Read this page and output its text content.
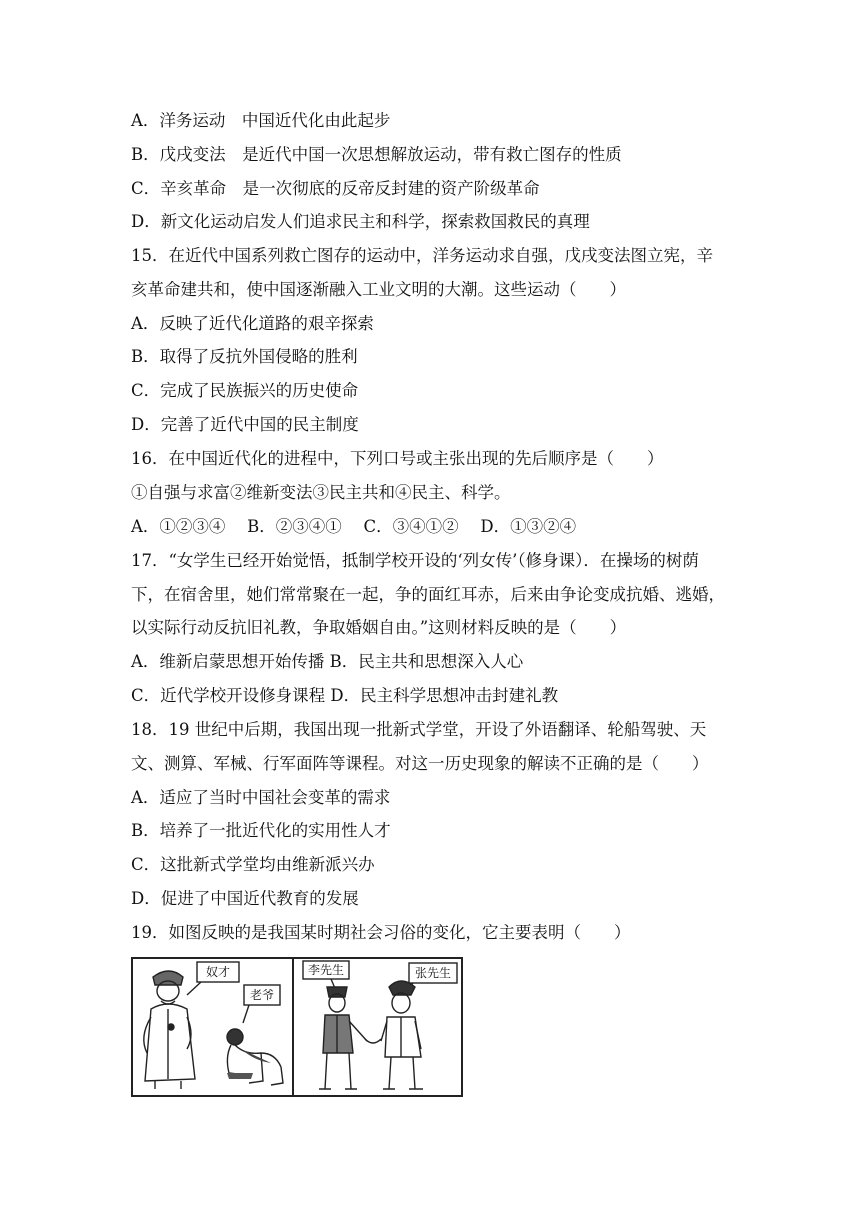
A．洋务运动　中国近代化由此起步
B．戊戌变法　是近代中国一次思想解放运动，带有救亡图存的性质
C．辛亥革命　是一次彻底的反帝反封建的资产阶级革命
D．新文化运动启发人们追求民主和科学，探索救国救民的真理
15．在近代中国系列救亡图存的运动中，洋务运动求自强，戊戌变法图立宪，辛
亥革命建共和，使中国逐渐融入工业文明的大潮。这些运动（　　）
A．反映了近代化道路的艰辛探索
B．取得了反抗外国侵略的胜利
C．完成了民族振兴的历史使命
D．完善了近代中国的民主制度
16．在中国近代化的进程中，下列口号或主张出现的先后顺序是（　　）
①自强与求富②维新变法③民主共和④民主、科学。
A．①②③④　 B．②③④①　 C．③④①②　 D．①③②④
17．“女学生已经开始觉悟，抵制学校开设的‘列女传’（修身课）．在操场的树荫
下，在宿舍里，她们常常聚在一起，争的面红耳赤，后来由争论变成抗婚、逃婚，
以实际行动反抗旧礼教，争取婚姻自由。”这则材料反映的是（　　）
A．维新启蒙思想开始传播 B．民主共和思想深入人心
C．近代学校开设修身课程 D．民主科学思想冲击封建礼教
18．19 世纪中后期，我国出现一批新式学堂，开设了外语翻译、轮船驾驶、天
文、测算、军械、行军面阵等课程。对这一历史现象的解读不正确的是（　　）
A．适应了当时中国社会变革的需求
B．培养了一批近代化的实用性人才
C．这批新式学堂均由维新派兴办
D．促进了中国近代教育的发展
19．如图反映的是我国某时期社会习俗的变化，它主要表明（　　）
奴才
老爷
李先生	张先生
